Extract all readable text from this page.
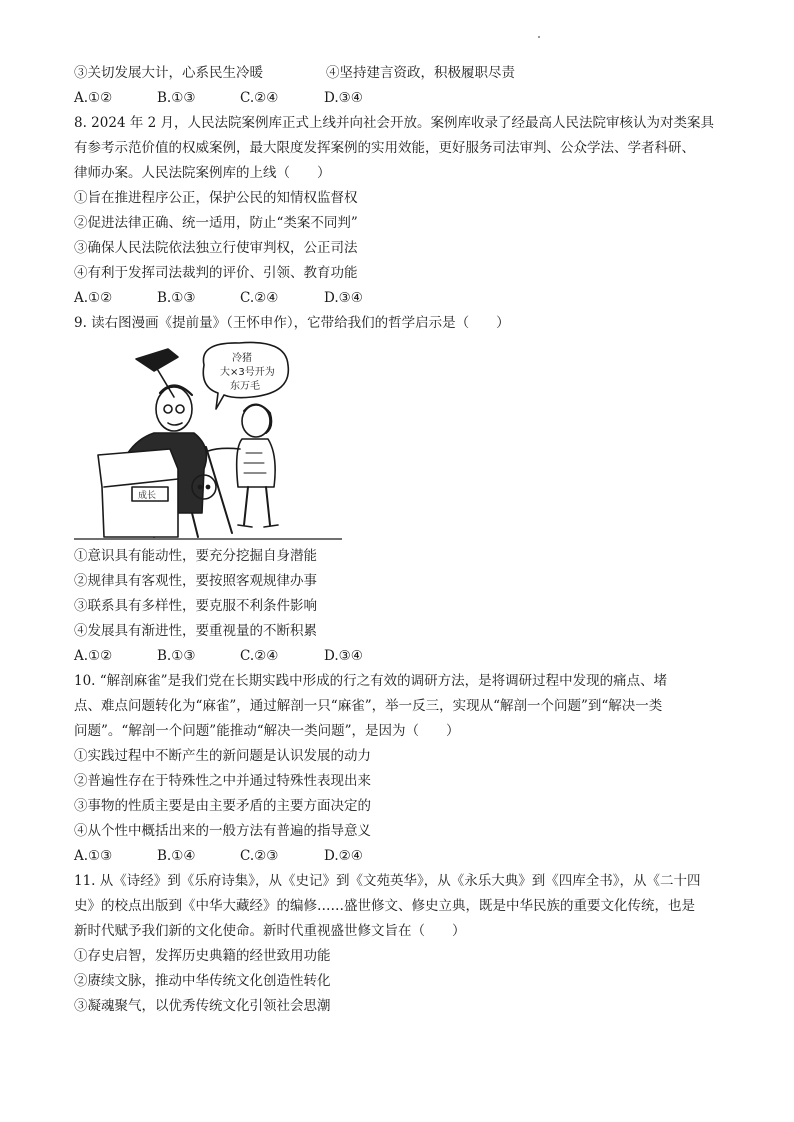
③关切发展大计，心系民生冷暖	④坚持建言资政，积极履职尽责
A.①②	B.①③	C.②④	D.③④
8. 2024 年 2 月，人民法院案例库正式上线并向社会开放。案例库收录了经最高人民法院审核认为对类案具
有参考示范价值的权威案例，最大限度发挥案例的实用效能，更好服务司法审判、公众学法、学者科研、
律师办案。人民法院案例库的上线（　　）
①旨在推进程序公正，保护公民的知情权监督权
②促进法律正确、统一适用，防止“类案不同判”
③确保人民法院依法独立行使审判权，公正司法
④有利于发挥司法裁判的评价、引领、教育功能
A.①②	B.①③	C.②④	D.③④
9. 读右图漫画《提前量》（王怀申作），它带给我们的哲学启示是（　　）
冷猪
大×3号开为
东万毛
成长
①意识具有能动性，要充分挖掘自身潜能
②规律具有客观性，要按照客观规律办事
③联系具有多样性，要克服不利条件影响
④发展具有渐进性，要重视量的不断积累
A.①②	B.①③	C.②④	D.③④
10. “解剖麻雀”是我们党在长期实践中形成的行之有效的调研方法，是将调研过程中发现的痛点、堵
点、难点问题转化为“麻雀”，通过解剖一只“麻雀”，举一反三，实现从“解剖一个问题”到“解决一类
问题”。“解剖一个问题”能推动“解决一类问题”，是因为（　　）
①实践过程中不断产生的新问题是认识发展的动力
②普遍性存在于特殊性之中并通过特殊性表现出来
③事物的性质主要是由主要矛盾的主要方面决定的
④从个性中概括出来的一般方法有普遍的指导意义
A.①③	B.①④	C.②③	D.②④
11. 从《诗经》到《乐府诗集》，从《史记》到《文苑英华》，从《永乐大典》到《四库全书》，从《二十四
史》的校点出版到《中华大藏经》的编修……盛世修文、修史立典，既是中华民族的重要文化传统，也是
新时代赋予我们新的文化使命。新时代重视盛世修文旨在（　　）
①存史启智，发挥历史典籍的经世致用功能
②赓续文脉，推动中华传统文化创造性转化
③凝魂聚气，以优秀传统文化引领社会思潮
